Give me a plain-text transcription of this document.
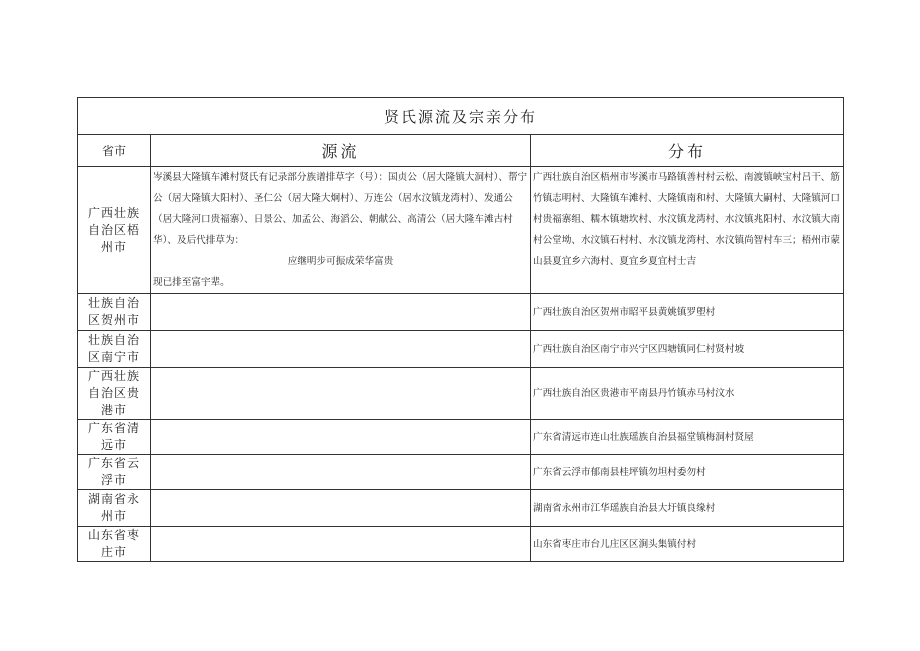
贤氏源流及宗亲分布		
省市	源流	分布
广西壮族自治区梧州市	岑溪县大隆镇车滩村贤氏有记录部分族谱排草字（号）：国贞公（居大隆镇大洞村）、帮宁公（居大隆镇大阳村）、圣仁公（居大隆大炯村）、万连公（居水汶镇龙湾村）、发通公（居大隆河口贵福寨）、日景公、加孟公、海滔公、朝献公、高清公（居大隆车滩古村华）、及后代排草为：
应继明步可振成荣华富贵
现已排至富宇辈。	广西壮族自治区梧州市岑溪市马路镇善村村云松、南渡镇峡宝村吕干、筋竹镇志明村、大隆镇车滩村、大隆镇南和村、大隆镇大嗣村、大隆镇河口村贵福寨组、糯木镇塘坎村、水汶镇龙湾村、水汶镇兆阳村、水汶镇大南村公堂坳、水汶镇石村村、水汶镇龙湾村、水汶镇尚智村车三；梧州市蒙山县夏宜乡六海村、夏宜乡夏宜村士吉
壮族自治区贺州市		广西壮族自治区贺州市昭平县黄姚镇罗塱村
壮族自治区南宁市		广西壮族自治区南宁市兴宁区四塘镇同仁村贤村坡
广西壮族自治区贵港市		广西壮族自治区贵港市平南县丹竹镇赤马村汶水
广东省清远市		广东省清远市连山壮族瑶族自治县福堂镇梅洞村贤屋
广东省云浮市		广东省云浮市郁南县桂坪镇勿坦村委勿村
湖南省永州市		湖南省永州市江华瑶族自治县大圩镇良缘村
山东省枣庄市		山东省枣庄市台儿庄区区涧头集镇付村
